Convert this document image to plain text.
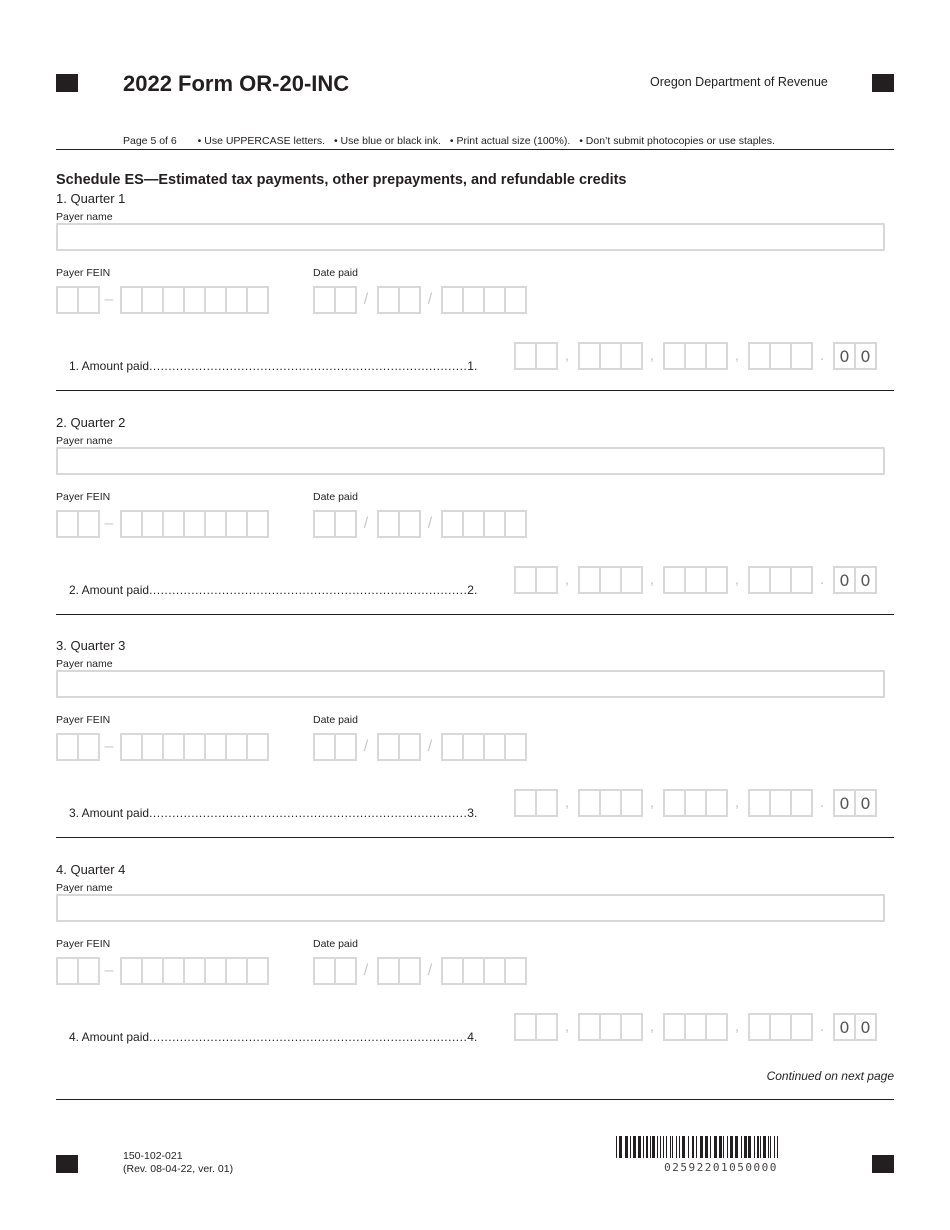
2022 Form OR-20-INC	Oregon Department of Revenue
Page 5 of 6 • Use UPPERCASE letters. • Use blue or black ink. • Print actual size (100%). • Don’t submit photocopies or use staples.
Schedule ES—Estimated tax payments, other prepayments, and refundable credits
1. Quarter 1
Payer name
Payer FEIN	Date paid
–	/	/
1. Amount paid...................................................................................1.
,	,	,	. 0 0
2. Quarter 2
Payer name
Payer FEIN	Date paid
–	/	/
2. Amount paid...................................................................................2.
,	,	,	. 0 0
3. Quarter 3
Payer name
Payer FEIN	Date paid
–	/	/
3. Amount paid...................................................................................3.
,	,	,	. 0 0
4. Quarter 4
Payer name
Payer FEIN	Date paid
–	/	/
4. Amount paid...................................................................................4.
,	,	,	. 0 0
Continued on next page
150-102-021
(Rev. 08-04-22, ver. 01)	02592201050000
